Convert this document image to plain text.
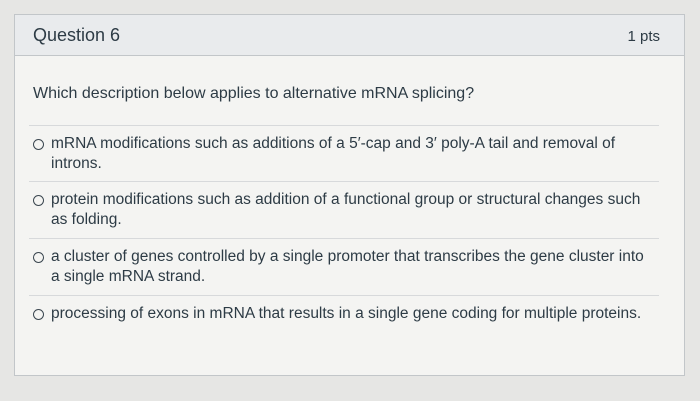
Question 6	1 pts
Which description below applies to alternative mRNA splicing?
mRNA modifications such as additions of a 5′-cap and 3′ poly-A tail and removal of introns.
protein modifications such as addition of a functional group or structural changes such as folding.
a cluster of genes controlled by a single promoter that transcribes the gene cluster into a single mRNA strand.
processing of exons in mRNA that results in a single gene coding for multiple proteins.
